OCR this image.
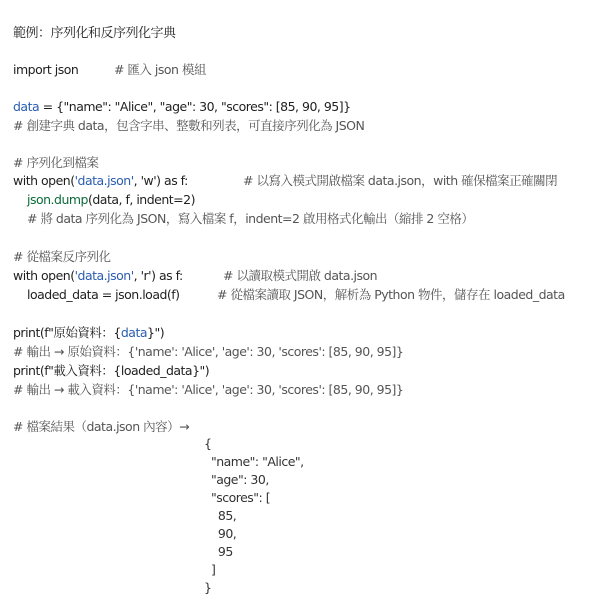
範例：序列化和反序列化字典
import json	# 匯入 json 模組
data = {"name": "Alice", "age": 30, "scores": [85, 90, 95]}
# 創建字典 data，包含字串、整數和列表，可直接序列化為 JSON
# 序列化到檔案
with open('data.json', 'w') as f:	# 以寫入模式開啟檔案 data.json，with 確保檔案正確關閉
json.dump(data, f, indent=2)
# 將 data 序列化為 JSON，寫入檔案 f，indent=2 啟用格式化輸出（縮排 2 空格）
# 從檔案反序列化
with open('data.json', 'r') as f:	# 以讀取模式開啟 data.json
loaded_data = json.load(f)	# 從檔案讀取 JSON，解析為 Python 物件，儲存在 loaded_data
print(f"原始資料：{data}")
# 輸出 → 原始資料：{'name': 'Alice', 'age': 30, 'scores': [85, 90, 95]}
print(f"載入資料：{loaded_data}")
# 輸出 → 載入資料：{'name': 'Alice', 'age': 30, 'scores': [85, 90, 95]}
# 檔案結果（data.json 內容）→
{
"name": "Alice",
"age": 30,
"scores": [
85,
90,
95
]
}
